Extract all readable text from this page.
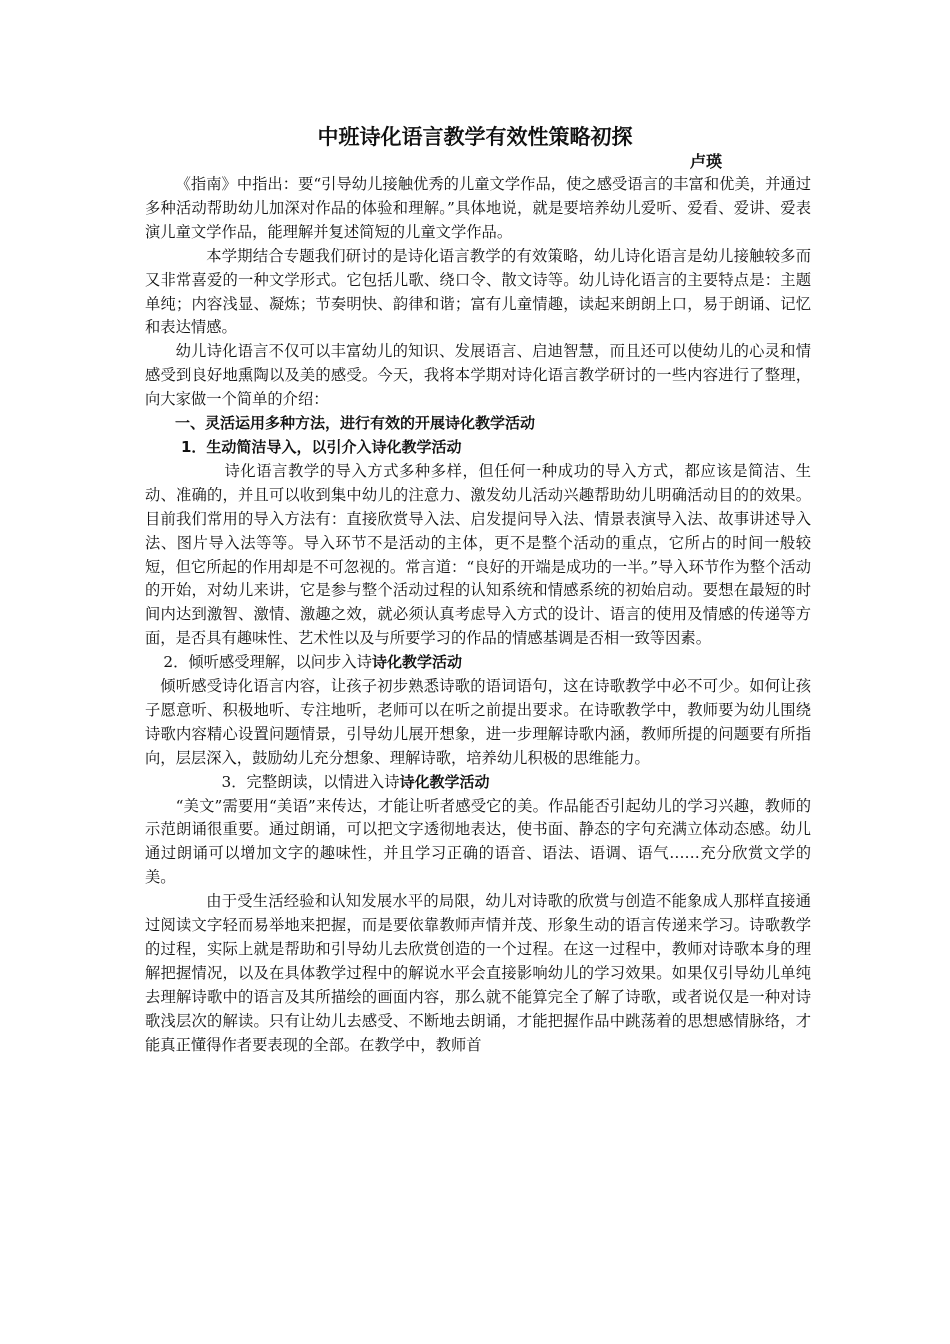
中班诗化语言教学有效性策略初探
卢瑛

《指南》中指出：要“引导幼儿接触优秀的儿童文学作品，使之感受语言的丰富和优美，并通过多种活动帮助幼儿加深对作品的体验和理解。”具体地说，就是要培养幼儿爱听、爱看、爱讲、爱表演儿童文学作品，能理解并复述简短的儿童文学作品。

本学期结合专题我们研讨的是诗化语言教学的有效策略，幼儿诗化语言是幼儿接触较多而又非常喜爱的一种文学形式。它包括儿歌、绕口令、散文诗等。幼儿诗化语言的主要特点是：主题单纯；内容浅显、凝炼；节奏明快、韵律和谐；富有儿童情趣，读起来朗朗上口，易于朗诵、记忆和表达情感。

幼儿诗化语言不仅可以丰富幼儿的知识、发展语言、启迪智慧，而且还可以使幼儿的心灵和情感受到良好地熏陶以及美的感受。今天，我将本学期对诗化语言教学研讨的一些内容进行了整理，向大家做一个简单的介绍：

一、灵活运用多种方法，进行有效的开展诗化教学活动

1．生动简洁导入，以引介入诗化教学活动

诗化语言教学的导入方式多种多样，但任何一种成功的导入方式，都应该是简洁、生动、准确的，并且可以收到集中幼儿的注意力、激发幼儿活动兴趣帮助幼儿明确活动目的的效果。目前我们常用的导入方法有：直接欣赏导入法、启发提问导入法、情景表演导入法、故事讲述导入法、图片导入法等等。导入环节不是活动的主体，更不是整个活动的重点，它所占的时间一般较短，但它所起的作用却是不可忽视的。常言道：“良好的开端是成功的一半。”导入环节作为整个活动的开始，对幼儿来讲，它是参与整个活动过程的认知系统和情感系统的初始启动。要想在最短的时间内达到激智、激情、激趣之效，就必须认真考虑导入方式的设计、语言的使用及情感的传递等方面，是否具有趣味性、艺术性以及与所要学习的作品的情感基调是否相一致等因素。

2．倾听感受理解，以问步入诗诗化教学活动

倾听感受诗化语言内容，让孩子初步熟悉诗歌的语词语句，这在诗歌教学中必不可少。如何让孩子愿意听、积极地听、专注地听，老师可以在听之前提出要求。在诗歌教学中，教师要为幼儿围绕诗歌内容精心设置问题情景，引导幼儿展开想象，进一步理解诗歌内涵，教师所提的问题要有所指向，层层深入，鼓励幼儿充分想象、理解诗歌，培养幼儿积极的思维能力。

3．完整朗读，以情进入诗诗化教学活动

“美文”需要用“美语”来传达，才能让听者感受它的美。作品能否引起幼儿的学习兴趣，教师的示范朗诵很重要。通过朗诵，可以把文字透彻地表达，使书面、静态的字句充满立体动态感。幼儿通过朗诵可以增加文字的趣味性，并且学习正确的语音、语法、语调、语气……充分欣赏文学的美。

由于受生活经验和认知发展水平的局限，幼儿对诗歌的欣赏与创造不能象成人那样直接通过阅读文字轻而易举地来把握，而是要依靠教师声情并茂、形象生动的语言传递来学习。诗歌教学的过程，实际上就是帮助和引导幼儿去欣赏创造的一个过程。在这一过程中，教师对诗歌本身的理解把握情况，以及在具体教学过程中的解说水平会直接影响幼儿的学习效果。如果仅引导幼儿单纯去理解诗歌中的语言及其所描绘的画面内容，那么就不能算完全了解了诗歌，或者说仅是一种对诗歌浅层次的解读。只有让幼儿去感受、不断地去朗诵，才能把握作品中跳荡着的思想感情脉络，才能真正懂得作者要表现的全部。在教学中，教师首
